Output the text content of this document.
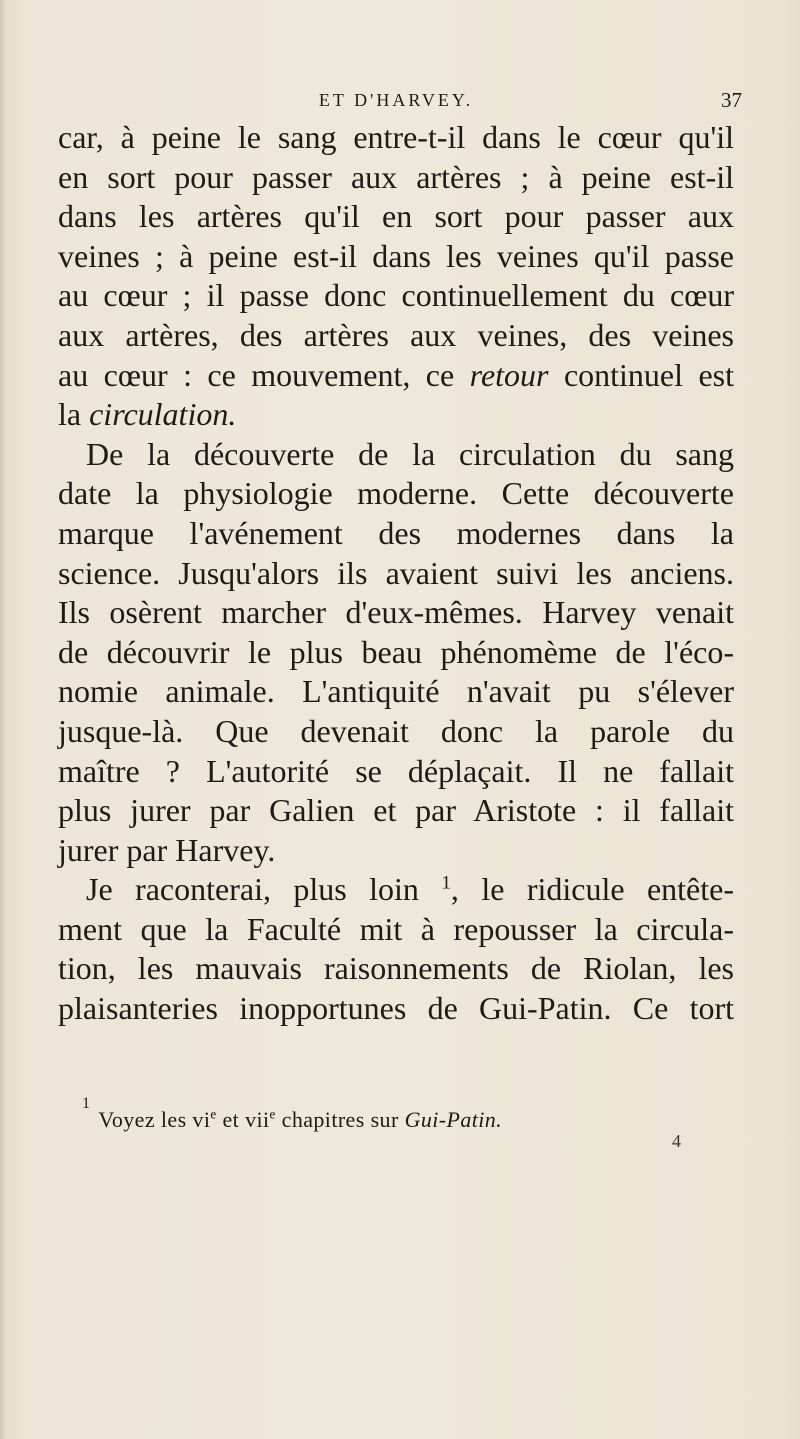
ET D'HARVEY.	37
car, à peine le sang entre-t-il dans le cœur qu'il
en sort pour passer aux artères ; à peine est-il
dans les artères qu'il en sort pour passer aux
veines ; à peine est-il dans les veines qu'il passe
au cœur ; il passe donc continuellement du cœur
aux artères, des artères aux veines, des veines
au cœur : ce mouvement, ce retour continuel est
la circulation.
De la découverte de la circulation du sang
date la physiologie moderne. Cette découverte
marque l'avénement des modernes dans la
science. Jusqu'alors ils avaient suivi les anciens.
Ils osèrent marcher d'eux-mêmes. Harvey venait
de découvrir le plus beau phénomème de l'éco-
nomie animale. L'antiquité n'avait pu s'élever
jusque-là. Que devenait donc la parole du
maître ? L'autorité se déplaçait. Il ne fallait
plus jurer par Galien et par Aristote : il fallait
jurer par Harvey.
Je raconterai, plus loin $^1$, le ridicule entête-
ment que la Faculté mit à repousser la circula-
tion, les mauvais raisonnements de Riolan, les
plaisanteries inopportunes de Gui-Patin. Ce tort
$^1$Voyez les $vi^e$ et vii$^e$ chapitres sur Gui-Patin.
4
